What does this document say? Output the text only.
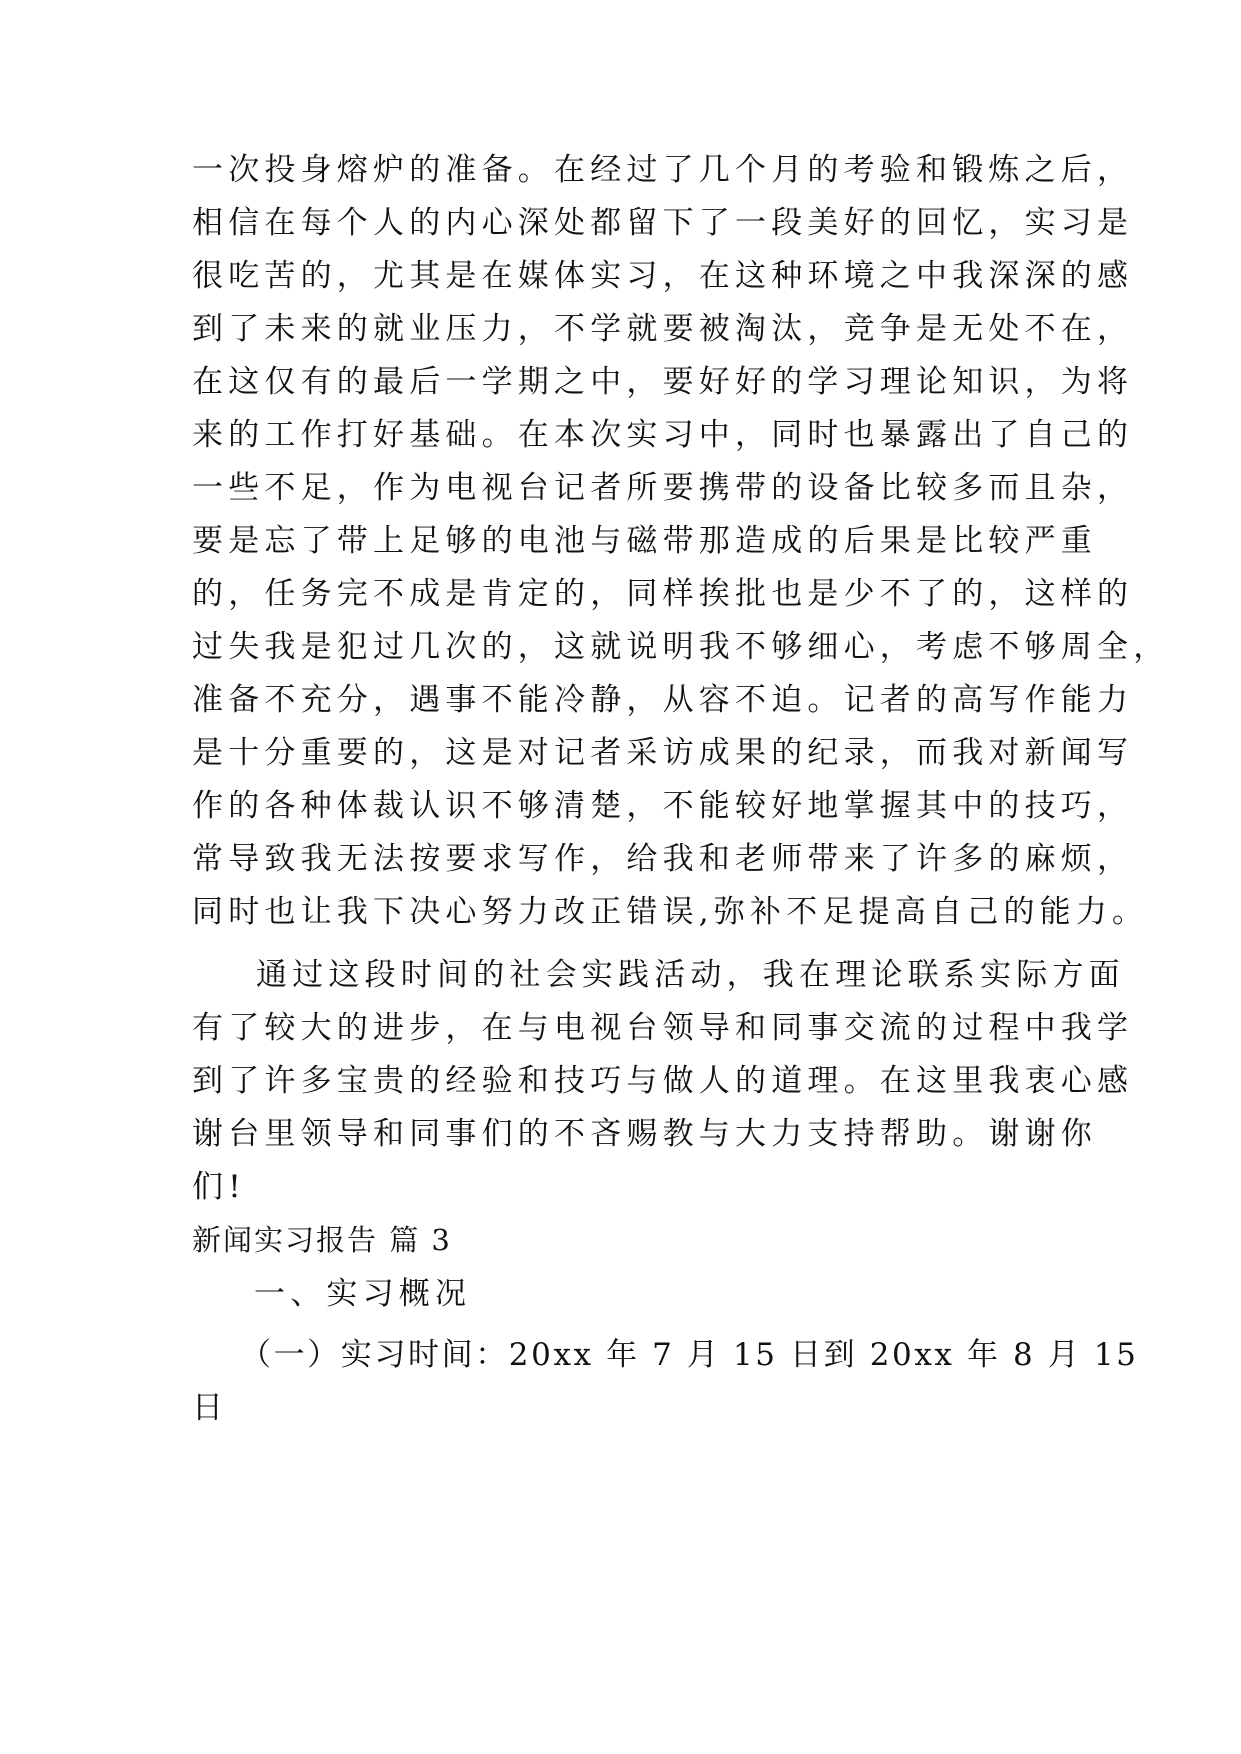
一次投身熔炉的准备。在经过了几个月的考验和锻炼之后，
相信在每个人的内心深处都留下了一段美好的回忆，实习是
很吃苦的，尤其是在媒体实习，在这种环境之中我深深的感
到了未来的就业压力，不学就要被淘汰，竞争是无处不在，
在这仅有的最后一学期之中，要好好的学习理论知识，为将
来的工作打好基础。在本次实习中，同时也暴露出了自己的
一些不足，作为电视台记者所要携带的设备比较多而且杂，
要是忘了带上足够的电池与磁带那造成的后果是比较严重
的，任务完不成是肯定的，同样挨批也是少不了的，这样的
过失我是犯过几次的，这就说明我不够细心，考虑不够周全，
准备不充分，遇事不能冷静，从容不迫。记者的高写作能力
是十分重要的，这是对记者采访成果的纪录，而我对新闻写
作的各种体裁认识不够清楚，不能较好地掌握其中的技巧，
常导致我无法按要求写作，给我和老师带来了许多的麻烦，
同时也让我下决心努力改正错误,弥补不足提高自己的能力。
通过这段时间的社会实践活动，我在理论联系实际方面
有了较大的进步，在与电视台领导和同事交流的过程中我学
到了许多宝贵的经验和技巧与做人的道理。在这里我衷心感
谢台里领导和同事们的不吝赐教与大力支持帮助。谢谢你
们!
新闻实习报告 篇 3
一、实习概况
（一）实习时间：20xx 年 7 月 15 日到 20xx 年 8 月 15
日
